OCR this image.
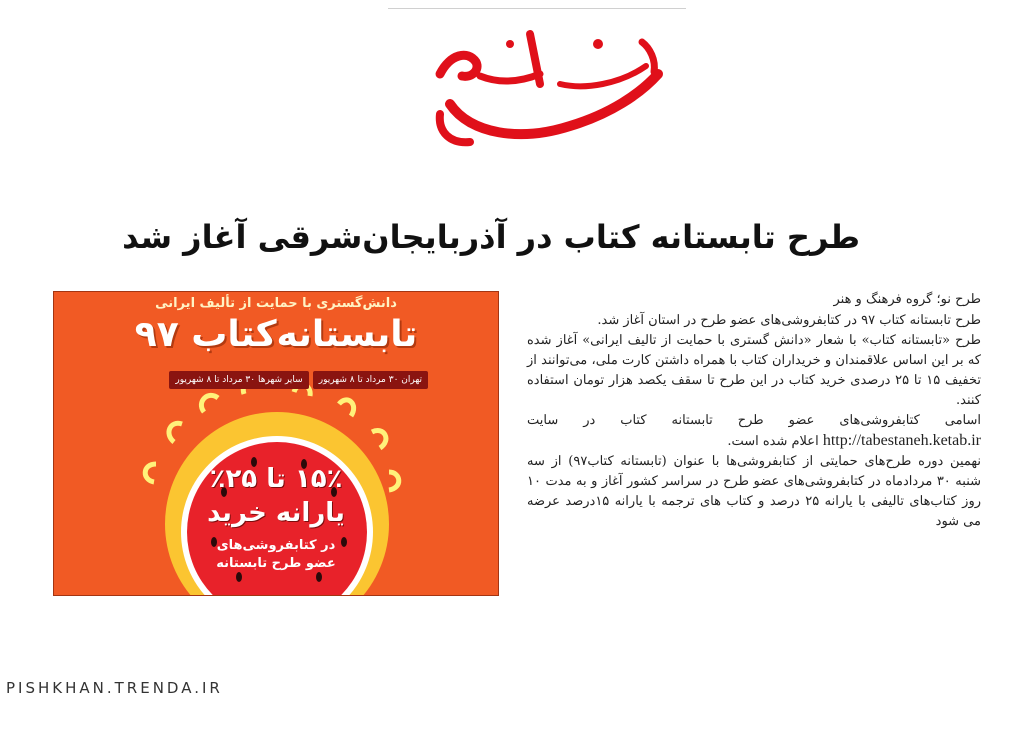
طرح تابستانه کتاب در آذربایجان‌شرقی آغاز شد
دانش‌گستری با حمایت از تألیف ایرانی
تابستانه‌کتاب ۹۷
تهران ۳۰ مرداد تا ۸ شهریور
سایر شهرها ۳۰ مرداد تا ۸ شهریور
۱۵٪ تا ۲۵٪
یارانه خرید
در کتابفروشی‌های
عضو طرح تابستانه

طرح نو؛ گروه فرهنگ و هنر

طرح تابستانه کتاب ۹۷ در کتابفروشی‌های عضو طرح در استان آغاز شد.

طرح «تابستانه کتاب» با شعار «دانش گستری با حمایت از تالیف ایرانی» آغاز شده که بر این اساس علاقمندان و خریداران کتاب با همراه داشتن کارت ملی، می‌توانند از تخفیف ۱۵ تا ۲۵ درصدی خرید کتاب در این طرح تا سقف یکصد هزار تومان استفاده کنند.

اسامی کتابفروشی‌های عضو طرح تابستانه کتاب در سایت http://tabestaneh.ketab.ir اعلام شده است.

نهمین دوره طرح‌های حمایتی از کتابفروشی‌ها با عنوان (تابستانه کتاب۹۷) از سه شنبه ۳۰ مردادماه در کتابفروشی‌های عضو طرح در سراسر کشور آغاز و به مدت ۱۰ روز کتاب‌های تالیفی با یارانه ۲۵ درصد و کتاب های ترجمه با یارانه ۱۵درصد عرضه می شود

PISHKHAN.TRENDA.IR
